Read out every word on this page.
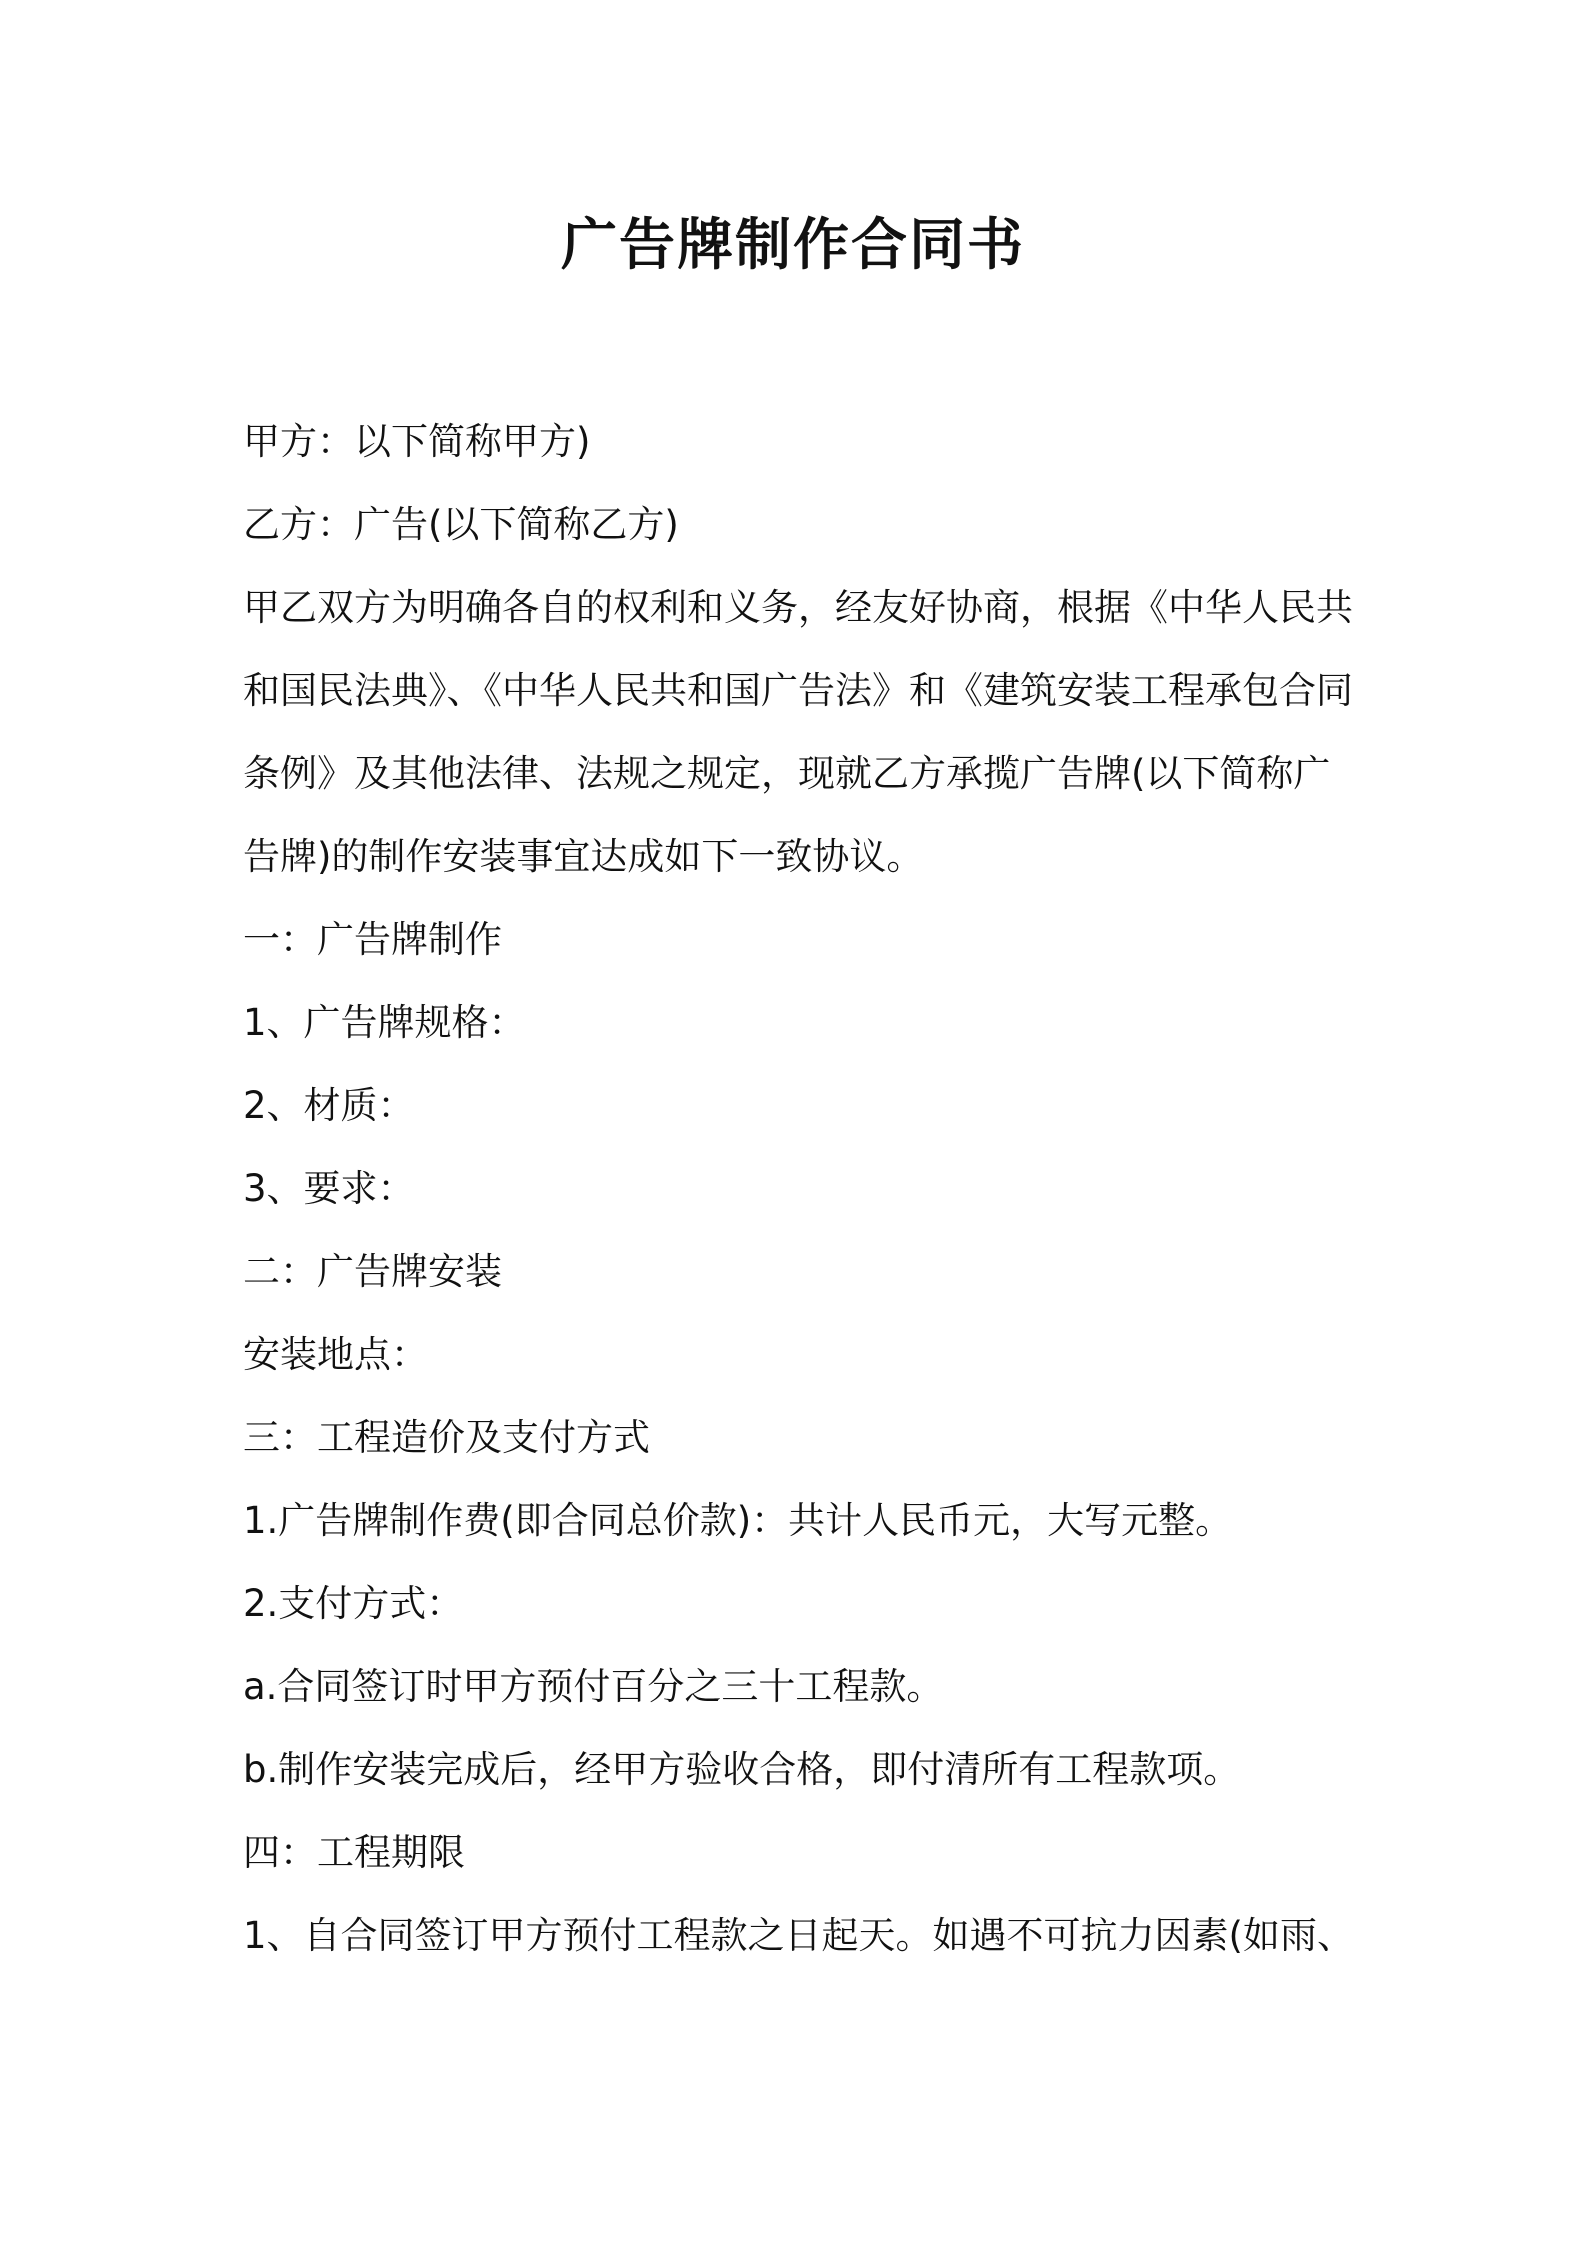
广告牌制作合同书

甲方：以下简称甲方)

乙方：广告(以下简称乙方)

甲乙双方为明确各自的权利和义务，经友好协商，根据《中华人民共

和国民法典》、《中华人民共和国广告法》和《建筑安装工程承包合同

条例》及其他法律、法规之规定，现就乙方承揽广告牌(以下简称广

告牌)的制作安装事宜达成如下一致协议。

一：广告牌制作

1、广告牌规格：

2、材质：

3、要求：

二：广告牌安装

安装地点：

三：工程造价及支付方式

1.广告牌制作费(即合同总价款)：共计人民币元，大写元整。

2.支付方式：

a.合同签订时甲方预付百分之三十工程款。

b.制作安装完成后，经甲方验收合格，即付清所有工程款项。

四：工程期限

1、自合同签订甲方预付工程款之日起天。如遇不可抗力因素(如雨、
